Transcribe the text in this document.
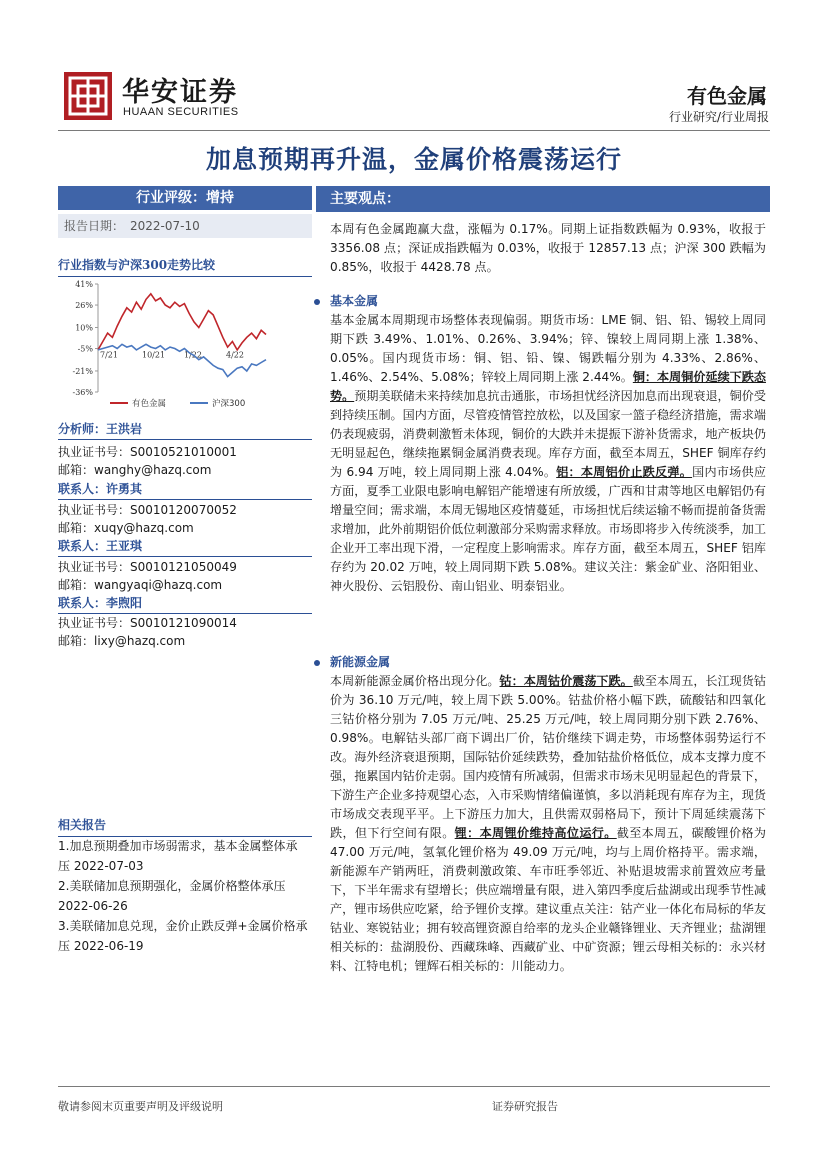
华安证券
HUAAN SECURITIES
有色金属
行业研究/行业周报
加息预期再升温，金属价格震荡运行
行业评级：增持
报告日期： 2022-07-10
行业指数与沪深300走势比较
41%
26%
10%
-5%
-21%
-36%
7/21	10/21 1/22	4/22
有色金属	沪深300
分析师：王洪岩
执业证书号：S0010521010001
邮箱：wanghy@hazq.com
联系人：许勇其
执业证书号：S0010120070052
邮箱：xuqy@hazq.com
联系人：王亚琪
执业证书号：S0010121050049
邮箱：wangyaqi@hazq.com
联系人：李煦阳
执业证书号：S0010121090014
邮箱：lixy@hazq.com
相关报告
1.加息预期叠加市场弱需求，基本金属整体承压 2022-07-03
2.美联储加息预期强化，金属价格整体承压 2022-06-26
3.美联储加息兑现，金价止跌反弹+金属价格承压 2022-06-19
主要观点：
本周有色金属跑赢大盘，涨幅为 0.17%。同期上证指数跌幅为 0.93%，收报于 3356.08 点；深证成指跌幅为 0.03%，收报于 12857.13 点；沪深 300 跌幅为 0.85%，收报于 4428.78 点。
基本金属
基本金属本周期现市场整体表现偏弱。期货市场：LME 铜、铝、铅、锡较上周同期下跌 3.49%、1.01%、0.26%、3.94%；锌、镍较上周同期上涨 1.38%、0.05%。国内现货市场：铜、铝、铅、镍、锡跌幅分别为 4.33%、2.86%、1.46%、2.54%、5.08%；锌较上周同期上涨 2.44%。铜：本周铜价延续下跌态势。预期美联储未来持续加息抗击通胀，市场担忧经济因加息而出现衰退，铜价受到持续压制。国内方面，尽管疫情管控放松，以及国家一篮子稳经济措施，需求端仍表现疲弱，消费刺激暂未体现，铜价的大跌并未提振下游补货需求，地产板块仍无明显起色，继续拖累铜金属消费表现。库存方面，截至本周五，SHEF 铜库存约为 6.94 万吨，较上周同期上涨 4.04%。铝：本周铝价止跌反弹。国内市场供应方面，夏季工业限电影响电解铝产能增速有所放缓，广西和甘肃等地区电解铝仍有增量空间；需求端，本周无锡地区疫情蔓延，市场担忧后续运输不畅而提前备货需求增加，此外前期铝价低位刺激部分采购需求释放。市场即将步入传统淡季，加工企业开工率出现下滑，一定程度上影响需求。库存方面，截至本周五，SHEF 铝库存约为 20.02 万吨，较上周同期下跌 5.08%。建议关注：紫金矿业、洛阳钼业、神火股份、云铝股份、南山铝业、明泰铝业。
新能源金属
本周新能源金属价格出现分化。钴：本周钴价震荡下跌。截至本周五，长江现货钴价为 36.10 万元/吨，较上周下跌 5.00%。钴盐价格小幅下跌，硫酸钴和四氧化三钴价格分别为 7.05 万元/吨、25.25 万元/吨，较上周同期分别下跌 2.76%、0.98%。电解钴头部厂商下调出厂价，钴价继续下调走势，市场整体弱势运行不改。海外经济衰退预期，国际钴价延续跌势，叠加钴盐价格低位，成本支撑力度不强，拖累国内钴价走弱。国内疫情有所减弱，但需求市场未见明显起色的背景下，下游生产企业多持观望心态，入市采购情绪偏谨慎，多以消耗现有库存为主，现货市场成交表现平平。上下游压力加大，且供需双弱格局下，预计下周延续震荡下跌，但下行空间有限。锂：本周锂价维持高位运行。截至本周五，碳酸锂价格为 47.00 万元/吨，氢氧化锂价格为 49.09 万元/吨，均与上周价格持平。需求端，新能源车产销两旺，消费刺激政策、车市旺季邻近、补贴退坡需求前置效应考量下，下半年需求有望增长；供应端增量有限，进入第四季度后盐湖或出现季节性减产，锂市场供应吃紧，给予锂价支撑。建议重点关注：钴产业一体化布局标的华友钴业、寒锐钴业；拥有较高锂资源自给率的龙头企业赣锋锂业、天齐锂业；盐湖锂相关标的：盐湖股份、西藏珠峰、西藏矿业、中矿资源；锂云母相关标的：永兴材料、江特电机；锂辉石相关标的：川能动力。
敬请参阅末页重要声明及评级说明	证券研究报告
